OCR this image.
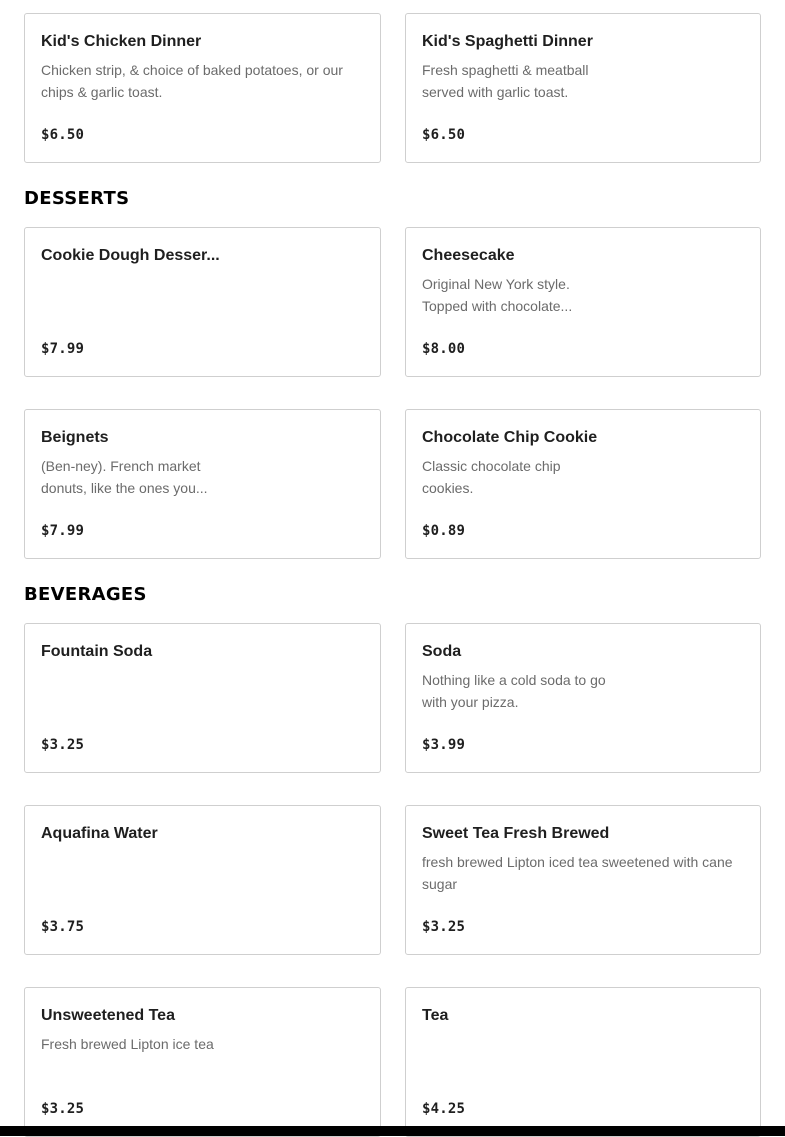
Kid's Chicken Dinner
Chicken strip, & choice of baked potatoes, or our chips & garlic toast.
$6.50
Kid's Spaghetti Dinner
Fresh spaghetti & meatball served with garlic toast.
$6.50
DESSERTS
Cookie Dough Desser...
$7.99
Cheesecake
Original New York style. Topped with chocolate...
$8.00
Beignets
(Ben-ney). French market donuts, like the ones you...
$7.99
Chocolate Chip Cookie
Classic chocolate chip cookies.
$0.89
BEVERAGES
Fountain Soda
$3.25
Soda
Nothing like a cold soda to go with your pizza.
$3.99
Aquafina Water
$3.75
Sweet Tea Fresh Brewed
fresh brewed Lipton iced tea sweetened with cane sugar
$3.25
Unsweetened Tea
Fresh brewed Lipton ice tea
$3.25
Tea
$4.25
